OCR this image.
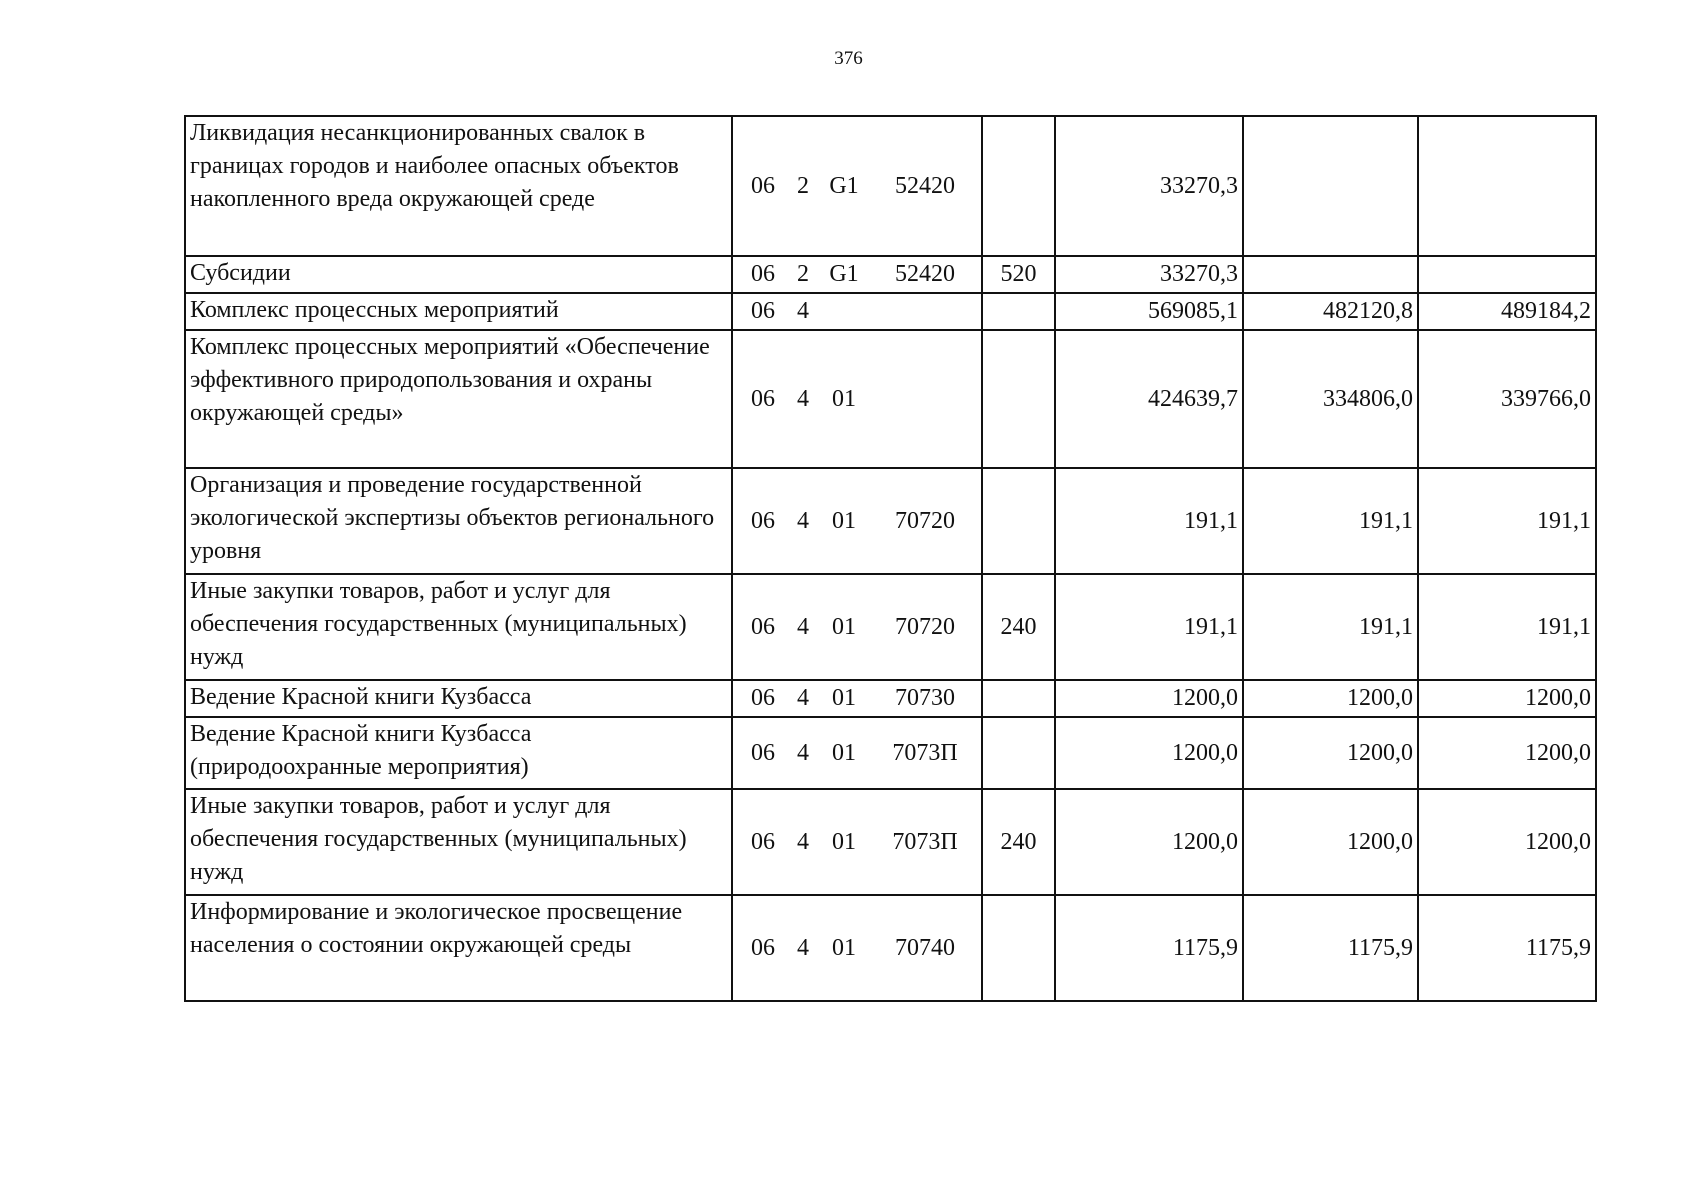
376
Ликвидация несанкционированных свалок в границах городов и наиболее опасных объектов накопленного вреда окружающей среде	06 2 G1 52420		33270,3		
Субсидии	06 2 G1 52420	520	33270,3		
Комплекс процессных мероприятий	06 4		569085,1	482120,8	489184,2
Комплекс процессных мероприятий «Обеспечение эффективного природопользования и охраны окружающей среды»	06 4 01		424639,7	334806,0	339766,0
Организация и проведение государственной экологической экспертизы объектов регионального уровня	06 4 01 70720		191,1	191,1	191,1
Иные закупки товаров, работ и услуг для обеспечения государственных (муниципальных) нужд	06 4 01 70720	240	191,1	191,1	191,1
Ведение Красной книги Кузбасса	06 4 01 70730		1200,0	1200,0	1200,0
Ведение Красной книги Кузбасса (природоохранные мероприятия)	06 4 01 7073П		1200,0	1200,0	1200,0
Иные закупки товаров, работ и услуг для обеспечения государственных (муниципальных) нужд	06 4 01 7073П	240	1200,0	1200,0	1200,0
Информирование и экологическое просвещение населения о состоянии окружающей среды	06 4 01 70740		1175,9	1175,9	1175,9
